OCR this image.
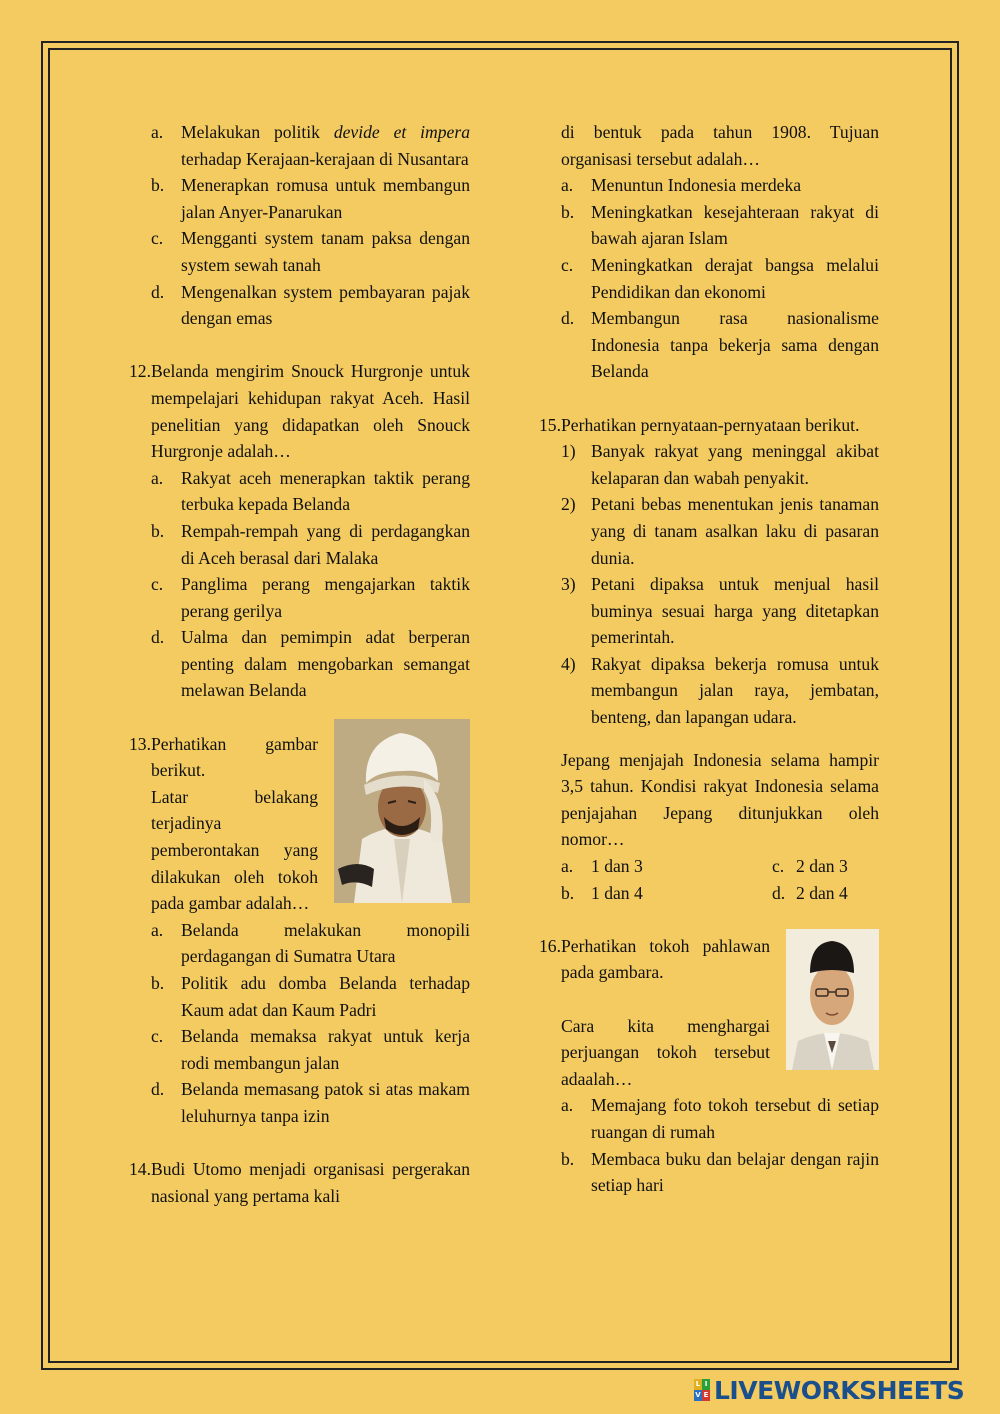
a.	Melakukan politik devide et impera terhadap Kerajaan-kerajaan di Nusantara
b. Menerapkan romusa untuk membangun jalan Anyer-Panarukan
c.	Mengganti system tanam paksa dengan system sewah tanah
d. Mengenalkan system pembayaran pajak dengan emas
12. Belanda mengirim Snouck Hurgronje untuk mempelajari kehidupan rakyat Aceh. Hasil penelitian yang didapatkan oleh Snouck Hurgronje adalah…
a.	Rakyat aceh menerapkan taktik perang terbuka kepada Belanda
b. Rempah-rempah yang di perdagangkan di Aceh berasal dari Malaka
c.	Panglima perang mengajarkan taktik perang gerilya
d. Ualma dan pemimpin adat berperan penting dalam mengobarkan semangat melawan Belanda
13. Perhatikan gambar berikut.
Latar belakang terjadinya pemberontakan yang dilakukan oleh tokoh pada gambar adalah…
a.	Belanda melakukan monopili perdagangan di Sumatra Utara
b. Politik adu domba Belanda terhadap Kaum adat dan Kaum Padri
c.	Belanda memaksa rakyat untuk kerja rodi membangun jalan
d. Belanda memasang patok si atas makam leluhurnya tanpa izin
14. Budi Utomo menjadi organisasi pergerakan nasional yang pertama kali
di bentuk pada tahun 1908. Tujuan organisasi tersebut adalah…
a.	Menuntun Indonesia merdeka
b. Meningkatkan kesejahteraan rakyat di bawah ajaran Islam
c.	Meningkatkan derajat bangsa melalui Pendidikan dan ekonomi
d. Membangun rasa nasionalisme Indonesia tanpa bekerja sama dengan Belanda
15. Perhatikan pernyataan-pernyataan berikut.
1) Banyak rakyat yang meninggal akibat kelaparan dan wabah penyakit.
2) Petani bebas menentukan jenis tanaman yang di tanam asalkan laku di pasaran dunia.
3) Petani dipaksa untuk menjual hasil buminya sesuai harga yang ditetapkan pemerintah.
4) Rakyat dipaksa bekerja romusa untuk membangun jalan raya, jembatan, benteng, dan lapangan udara.
Jepang menjajah Indonesia selama hampir 3,5 tahun. Kondisi rakyat Indonesia selama penjajahan Jepang ditunjukkan oleh nomor…
a.	1 dan 3	c. 2 dan 3
b. 1 dan 4	d. 2 dan 4
16. Perhatikan tokoh pahlawan pada gambara.
Cara kita menghargai perjuangan tokoh tersebut adaalah…
a.	Memajang foto tokoh tersebut di setiap ruangan di rumah
b. Membaca buku dan belajar dengan rajin setiap hari
L I
V E LIVEWORKSHEETS
